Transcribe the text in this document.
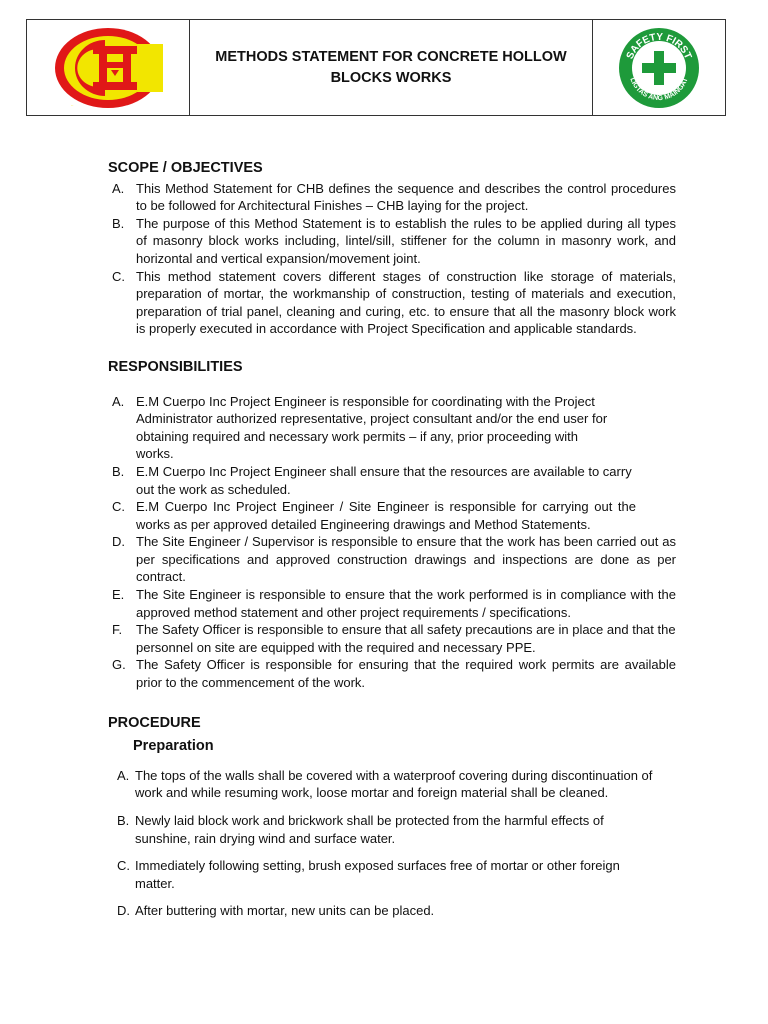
EMC
METHODS STATEMENT FOR CONCRETE HOLLOW BLOCKS WORKS
SAFETY FIRST
LIGTAS ANG MAINGAT
SCOPE / OBJECTIVES
A. This Method Statement for CHB defines the sequence and describes the control procedures to be followed for Architectural Finishes – CHB laying for the project.
B. The purpose of this Method Statement is to establish the rules to be applied during all types of masonry block works including, lintel/sill, stiffener for the column in masonry work, and horizontal and vertical expansion/movement joint.
C. This method statement covers different stages of construction like storage of materials, preparation of mortar, the workmanship of construction, testing of materials and execution, preparation of trial panel, cleaning and curing, etc. to ensure that all the masonry block work is properly executed in accordance with Project Specification and applicable standards.
RESPONSIBILITIES
A. E.M Cuerpo Inc Project Engineer is responsible for coordinating with the Project Administrator authorized representative, project consultant and/or the end user for obtaining required and necessary work permits – if any, prior proceeding with works.
B. E.M Cuerpo Inc Project Engineer shall ensure that the resources are available to carry out the work as scheduled.
C. E.M Cuerpo Inc Project Engineer / Site Engineer is responsible for carrying out the works as per approved detailed Engineering drawings and Method Statements.
D. The Site Engineer / Supervisor is responsible to ensure that the work has been carried out as per specifications and approved construction drawings and inspections are done as per contract.
E. The Site Engineer is responsible to ensure that the work performed is in compliance with the approved method statement and other project requirements / specifications.
F. The Safety Officer is responsible to ensure that all safety precautions are in place and that the personnel on site are equipped with the required and necessary PPE.
G. The Safety Officer is responsible for ensuring that the required work permits are available prior to the commencement of the work.
PROCEDURE
Preparation
A. The tops of the walls shall be covered with a waterproof covering during discontinuation of work and while resuming work, loose mortar and foreign material shall be cleaned.
B. Newly laid block work and brickwork shall be protected from the harmful effects of sunshine, rain drying wind and surface water.
C. Immediately following setting, brush exposed surfaces free of mortar or other foreign matter.
D. After buttering with mortar, new units can be placed.
